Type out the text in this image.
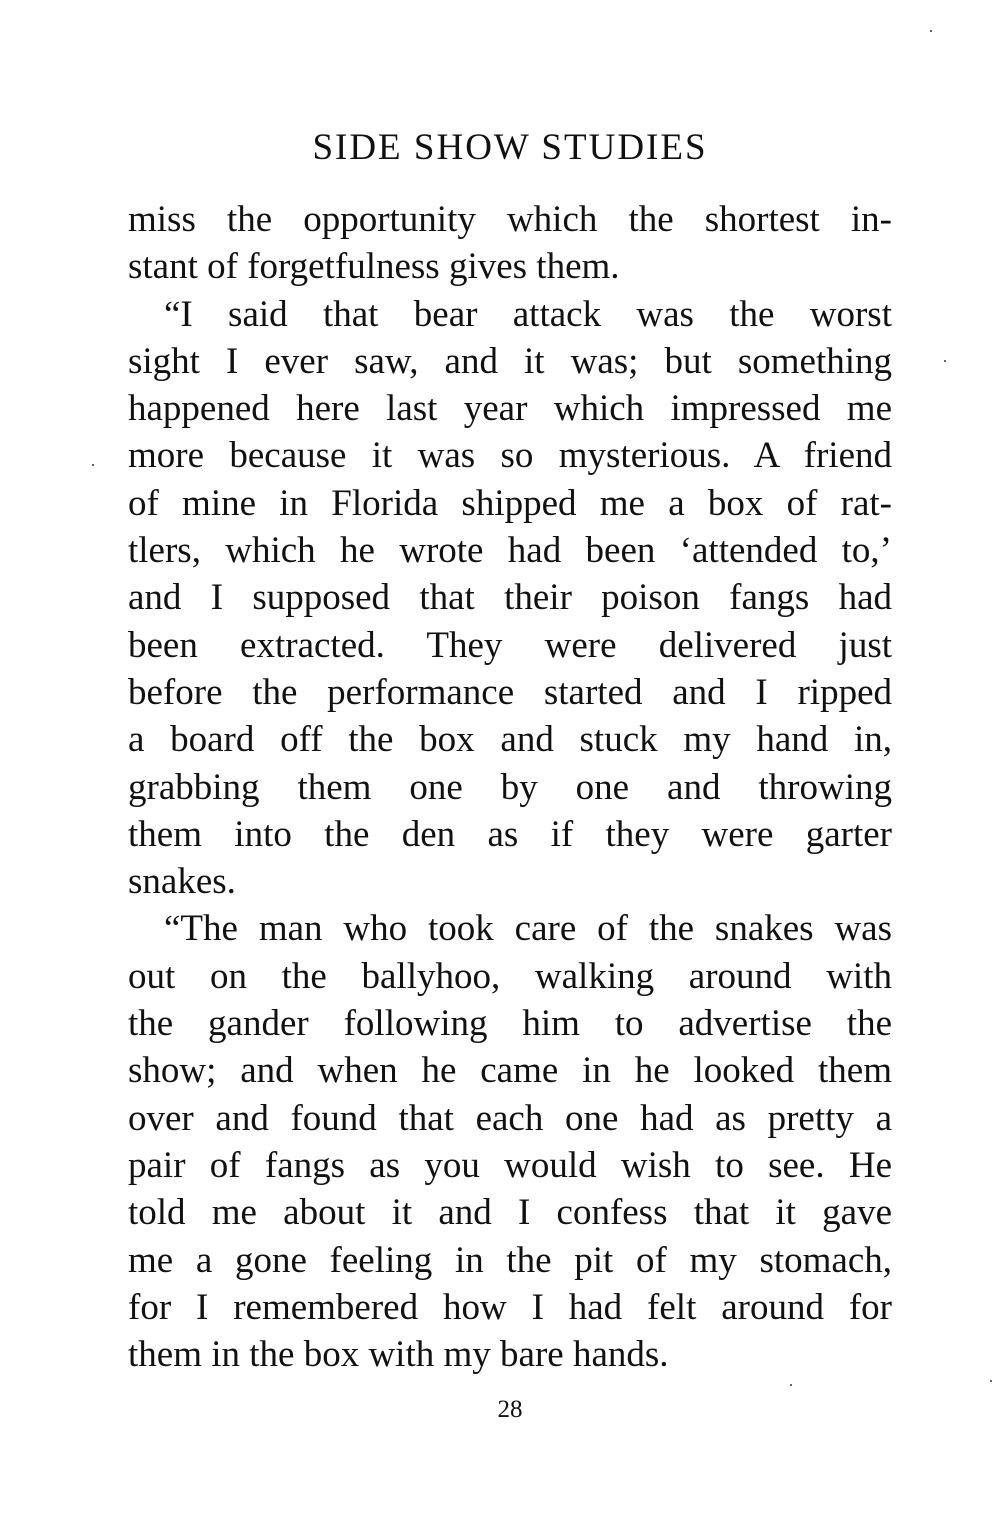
SIDE SHOW STUDIES
miss the opportunity which the shortest in-
stant of forgetfulness gives them.
“I said that bear attack was the worst
sight I ever saw, and it was; but something
happened here last year which impressed me
more because it was so mysterious. A friend
of mine in Florida shipped me a box of rat-
tlers, which he wrote had been ‘attended to,’
and I supposed that their poison fangs had
been extracted. They were delivered just
before the performance started and I ripped
a board off the box and stuck my hand in,
grabbing them one by one and throwing
them into the den as if they were garter
snakes.
“The man who took care of the snakes was
out on the ballyhoo, walking around with
the gander following him to advertise the
show; and when he came in he looked them
over and found that each one had as pretty a
pair of fangs as you would wish to see. He
told me about it and I confess that it gave
me a gone feeling in the pit of my stomach,
for I remembered how I had felt around for
them in the box with my bare hands.
28
